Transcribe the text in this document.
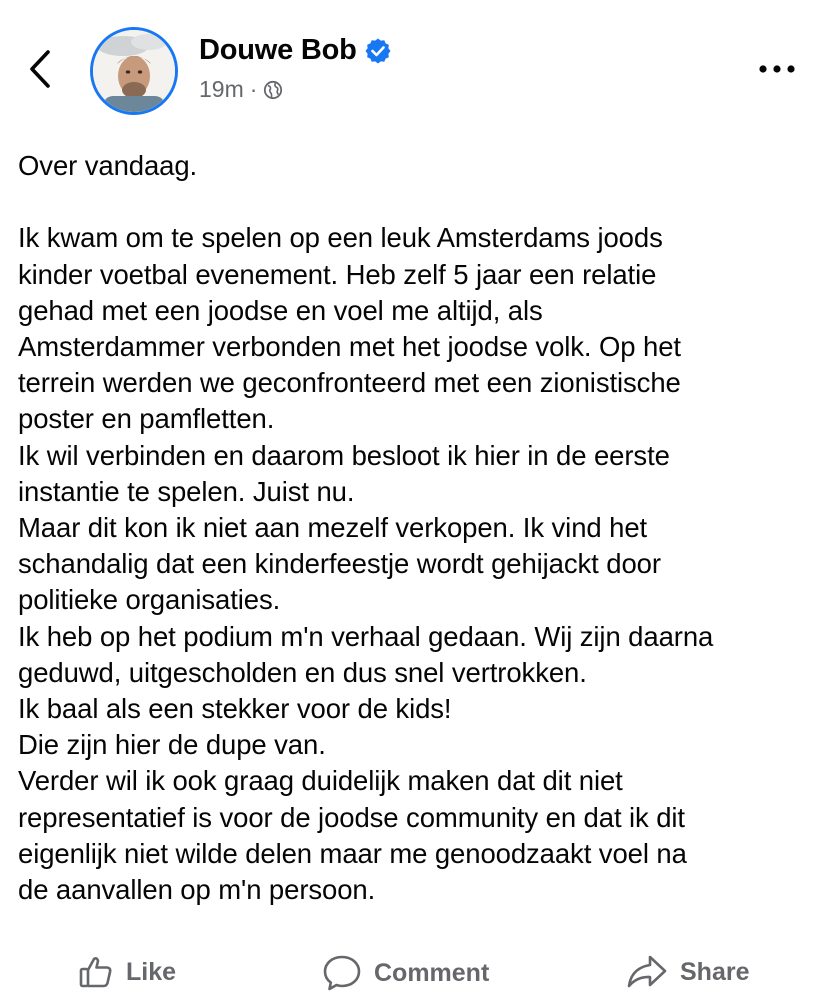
Douwe Bob
19m ·
Over vandaag.
Ik kwam om te spelen op een leuk Amsterdams joods
kinder voetbal evenement. Heb zelf 5 jaar een relatie
gehad met een joodse en voel me altijd, als
Amsterdammer verbonden met het joodse volk. Op het
terrein werden we geconfronteerd met een zionistische
poster en pamfletten.
Ik wil verbinden en daarom besloot ik hier in de eerste
instantie te spelen. Juist nu.
Maar dit kon ik niet aan mezelf verkopen. Ik vind het
schandalig dat een kinderfeestje wordt gehijackt door
politieke organisaties.
Ik heb op het podium m'n verhaal gedaan. Wij zijn daarna
geduwd, uitgescholden en dus snel vertrokken.
Ik baal als een stekker voor de kids!
Die zijn hier de dupe van.
Verder wil ik ook graag duidelijk maken dat dit niet
representatief is voor de joodse community en dat ik dit
eigenlijk niet wilde delen maar me genoodzaakt voel na
de aanvallen op m'n persoon.
Like	Comment	Share
